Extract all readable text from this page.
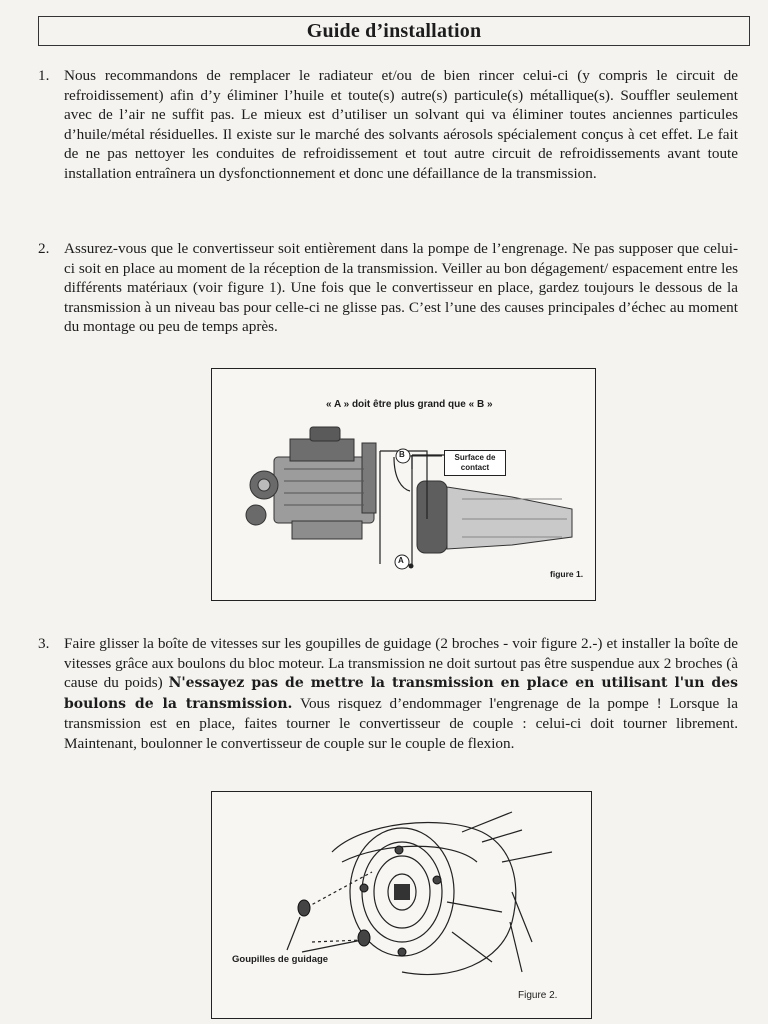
Guide d’installation
1. Nous recommandons de remplacer le radiateur et/ou de bien rincer celui-ci (y compris le circuit de refroidissement) afin d’y éliminer l’huile et toute(s) autre(s) particule(s) métallique(s). Souffler seulement avec de l’air ne suffit pas. Le mieux est d’utiliser un solvant qui va éliminer toutes anciennes particules d’huile/métal résiduelles. Il existe sur le marché des solvants aérosols spécialement conçus à cet effet. Le fait de ne pas nettoyer les conduites de refroidissement et tout autre circuit de refroidissements avant toute installation entraînera un dysfonctionnement et donc une défaillance de la transmission.
2. Assurez-vous que le convertisseur soit entièrement dans la pompe de l’engrenage. Ne pas supposer que celui-ci soit en place au moment de la réception de la transmission. Veiller au bon dégagement/ espacement entre les différents matériaux (voir figure 1). Une fois que le convertisseur en place, gardez toujours le dessous de la transmission à un niveau bas pour celle-ci ne glisse pas. C’est l’une des causes principales d’échec au moment du montage ou peu de temps après.
« A » doit être plus grand que « B »
B
A
Surface de contact
figure 1.
3. Faire glisser la boîte de vitesses sur les goupilles de guidage (2 broches - voir figure 2.-) et installer la boîte de vitesses grâce aux boulons du bloc moteur. La transmission ne doit surtout pas être suspendue aux 2 broches (à cause du poids) N'essayez pas de mettre la transmission en place en utilisant l'un des boulons de la transmission. Vous risquez d’endommager l'engrenage de la pompe ! Lorsque la transmission est en place, faites tourner le convertisseur de couple : celui-ci doit tourner librement. Maintenant, boulonner le convertisseur de couple sur le couple de flexion.
Goupilles de guidage
Figure 2.
